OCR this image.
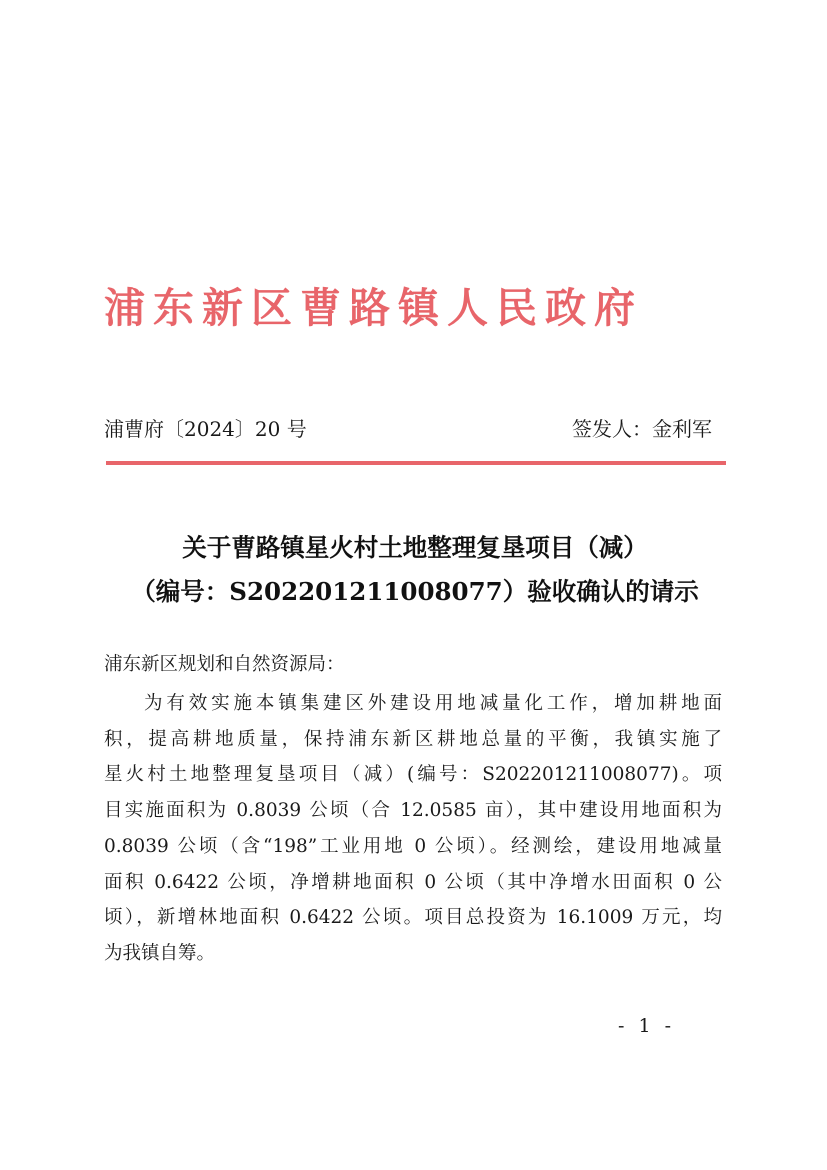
浦东新区曹路镇人民政府
浦曹府〔2024〕20 号	签发人：金利军
关于曹路镇星火村土地整理复垦项目（减）
（编号：S202201211008077）验收确认的请示
浦东新区规划和自然资源局：
为有效实施本镇集建区外建设用地减量化工作，增加耕地面
积，提高耕地质量，保持浦东新区耕地总量的平衡，我镇实施了
星火村土地整理复垦项目（减）(编号：S202201211008077)。项
目实施面积为 0.8039 公顷（合 12.0585 亩），其中建设用地面积为
0.8039 公顷（含“198”工业用地 0 公顷）。经测绘，建设用地减量
面积 0.6422 公顷，净增耕地面积 0 公顷（其中净增水田面积 0 公
顷），新增林地面积 0.6422 公顷。项目总投资为 16.1009 万元，均
为我镇自筹。
- 1 -
